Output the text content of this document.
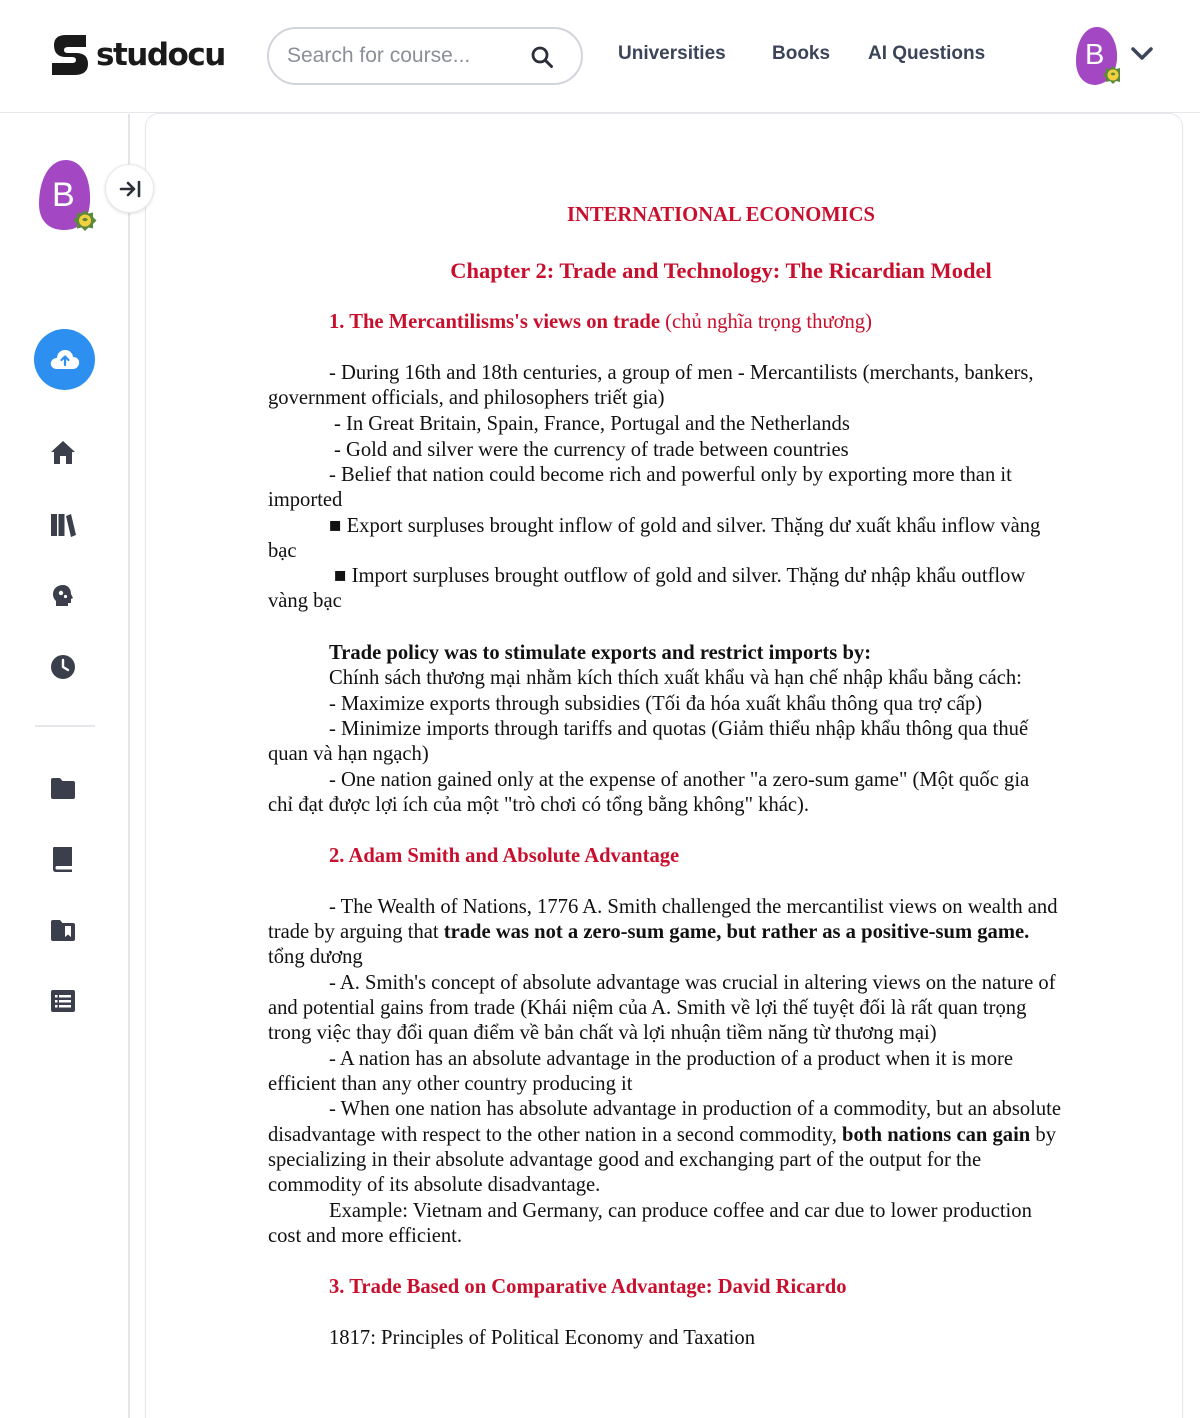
studocu
Search for course...	Universities Books AI Questions	B
B
INTERNATIONAL ECONOMICS
Chapter 2: Trade and Technology: The Ricardian Model
1. The Mercantilisms's views on trade (chủ nghĩa trọng thương)
- During 16th and 18th centuries, a group of men - Mercantilists (merchants, bankers,
government officials, and philosophers triết gia)
- In Great Britain, Spain, France, Portugal and the Netherlands
- Gold and silver were the currency of trade between countries
- Belief that nation could become rich and powerful only by exporting more than it
imported
■ Export surpluses brought inflow of gold and silver. Thặng dư xuất khẩu inflow vàng
bạc
■ Import surpluses brought outflow of gold and silver. Thặng dư nhập khẩu outflow
vàng bạc
Trade policy was to stimulate exports and restrict imports by:
Chính sách thương mại nhằm kích thích xuất khẩu và hạn chế nhập khẩu bằng cách:
- Maximize exports through subsidies (Tối đa hóa xuất khẩu thông qua trợ cấp)
- Minimize imports through tariffs and quotas (Giảm thiểu nhập khẩu thông qua thuế
quan và hạn ngạch)
- One nation gained only at the expense of another "a zero-sum game" (Một quốc gia
chỉ đạt được lợi ích của một "trò chơi có tổng bằng không" khác).
2. Adam Smith and Absolute Advantage
- The Wealth of Nations, 1776 A. Smith challenged the mercantilist views on wealth and
trade by arguing that trade was not a zero-sum game, but rather as a positive-sum game.
tổng dương
- A. Smith's concept of absolute advantage was crucial in altering views on the nature of
and potential gains from trade (Khái niệm của A. Smith về lợi thế tuyệt đối là rất quan trọng
trong việc thay đổi quan điểm về bản chất và lợi nhuận tiềm năng từ thương mại)
- A nation has an absolute advantage in the production of a product when it is more
efficient than any other country producing it
- When one nation has absolute advantage in production of a commodity, but an absolute
disadvantage with respect to the other nation in a second commodity, both nations can gain by
specializing in their absolute advantage good and exchanging part of the output for the
commodity of its absolute disadvantage.
Example: Vietnam and Germany, can produce coffee and car due to lower production
cost and more efficient.
3. Trade Based on Comparative Advantage: David Ricardo
1817: Principles of Political Economy and Taxation
